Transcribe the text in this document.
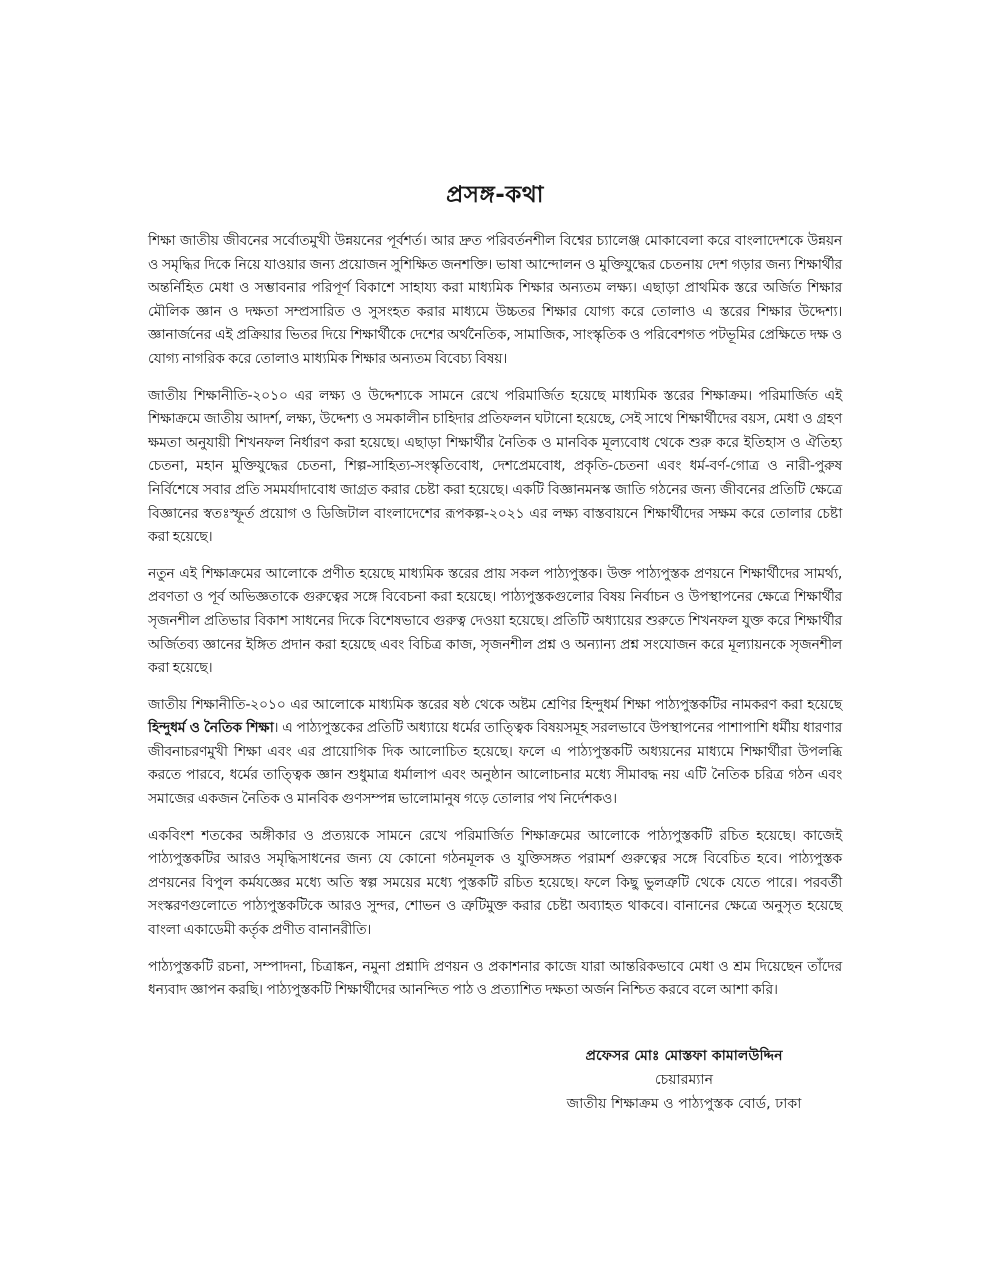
প্রসঙ্গ-কথা

শিক্ষা জাতীয় জীবনের সর্বোতমুখী উন্নয়নের পূর্বশর্ত। আর দ্রুত পরিবর্তনশীল বিশ্বের চ্যালেঞ্জ মোকাবেলা করে বাংলাদেশকে উন্নয়ন ও সমৃদ্ধির দিকে নিয়ে যাওয়ার জন্য প্রয়োজন সুশিক্ষিত জনশক্তি। ভাষা আন্দোলন ও মুক্তিযুদ্ধের চেতনায় দেশ গড়ার জন্য শিক্ষার্থীর অন্তর্নিহিত মেধা ও সম্ভাবনার পরিপূর্ণ বিকাশে সাহায্য করা মাধ্যমিক শিক্ষার অন্যতম লক্ষ্য। এছাড়া প্রাথমিক স্তরে অর্জিত শিক্ষার মৌলিক জ্ঞান ও দক্ষতা সম্প্রসারিত ও সুসংহত করার মাধ্যমে উচ্চতর শিক্ষার যোগ্য করে তোলাও এ স্তরের শিক্ষার উদ্দেশ্য। জ্ঞানার্জনের এই প্রক্রিয়ার ভিতর দিয়ে শিক্ষার্থীকে দেশের অর্থনৈতিক, সামাজিক, সাংস্কৃতিক ও পরিবেশগত পটভূমির প্রেক্ষিতে দক্ষ ও যোগ্য নাগরিক করে তোলাও মাধ্যমিক শিক্ষার অন্যতম বিবেচ্য বিষয়।

জাতীয় শিক্ষানীতি-২০১০ এর লক্ষ্য ও উদ্দেশ্যকে সামনে রেখে পরিমার্জিত হয়েছে মাধ্যমিক স্তরের শিক্ষাক্রম। পরিমার্জিত এই শিক্ষাক্রমে জাতীয় আদর্শ, লক্ষ্য, উদ্দেশ্য ও সমকালীন চাহিদার প্রতিফলন ঘটানো হয়েছে, সেই সাথে শিক্ষার্থীদের বয়স, মেধা ও গ্রহণ ক্ষমতা অনুযায়ী শিখনফল নির্ধারণ করা হয়েছে। এছাড়া শিক্ষার্থীর নৈতিক ও মানবিক মূল্যবোধ থেকে শুরু করে ইতিহাস ও ঐতিহ্য চেতনা, মহান মুক্তিযুদ্ধের চেতনা, শিল্প-সাহিত্য-সংস্কৃতিবোধ, দেশপ্রেমবোধ, প্রকৃতি-চেতনা এবং ধর্ম-বর্ণ-গোত্র ও নারী-পুরুষ নির্বিশেষে সবার প্রতি সমমর্যাদাবোধ জাগ্রত করার চেষ্টা করা হয়েছে। একটি বিজ্ঞানমনস্ক জাতি গঠনের জন্য জীবনের প্রতিটি ক্ষেত্রে বিজ্ঞানের স্বতঃস্ফূর্ত প্রয়োগ ও ডিজিটাল বাংলাদেশের রূপকল্প-২০২১ এর লক্ষ্য বাস্তবায়নে শিক্ষার্থীদের সক্ষম করে তোলার চেষ্টা করা হয়েছে।

নতুন এই শিক্ষাক্রমের আলোকে প্রণীত হয়েছে মাধ্যমিক স্তরের প্রায় সকল পাঠ্যপুস্তক। উক্ত পাঠ্যপুস্তক প্রণয়নে শিক্ষার্থীদের সামর্থ্য, প্রবণতা ও পূর্ব অভিজ্ঞতাকে গুরুত্বের সঙ্গে বিবেচনা করা হয়েছে। পাঠ্যপুস্তকগুলোর বিষয় নির্বাচন ও উপস্থাপনের ক্ষেত্রে শিক্ষার্থীর সৃজনশীল প্রতিভার বিকাশ সাধনের দিকে বিশেষভাবে গুরুত্ব দেওয়া হয়েছে। প্রতিটি অধ্যায়ের শুরুতে শিখনফল যুক্ত করে শিক্ষার্থীর অর্জিতব্য জ্ঞানের ইঙ্গিত প্রদান করা হয়েছে এবং বিচিত্র কাজ, সৃজনশীল প্রশ্ন ও অন্যান্য প্রশ্ন সংযোজন করে মূল্যায়নকে সৃজনশীল করা হয়েছে।

জাতীয় শিক্ষানীতি-২০১০ এর আলোকে মাধ্যমিক স্তরের ষষ্ঠ থেকে অষ্টম শ্রেণির হিন্দুধর্ম শিক্ষা পাঠ্যপুস্তকটির নামকরণ করা হয়েছে হিন্দুধর্ম ও নৈতিক শিক্ষা। এ পাঠ্যপুস্তকের প্রতিটি অধ্যায়ে ধর্মের তাত্ত্বিক বিষয়সমূহ সরলভাবে উপস্থাপনের পাশাপাশি ধর্মীয় ধারণার জীবনাচরণমুখী শিক্ষা এবং এর প্রায়োগিক দিক আলোচিত হয়েছে। ফলে এ পাঠ্যপুস্তকটি অধ্যয়নের মাধ্যমে শিক্ষার্থীরা উপলব্ধি করতে পারবে, ধর্মের তাত্ত্বিক জ্ঞান শুধুমাত্র ধর্মালাপ এবং অনুষ্ঠান আলোচনার মধ্যে সীমাবদ্ধ নয় এটি নৈতিক চরিত্র গঠন এবং সমাজের একজন নৈতিক ও মানবিক গুণসম্পন্ন ভালোমানুষ গড়ে তোলার পথ নির্দেশকও।

একবিংশ শতকের অঙ্গীকার ও প্রত্যয়কে সামনে রেখে পরিমার্জিত শিক্ষাক্রমের আলোকে পাঠ্যপুস্তকটি রচিত হয়েছে। কাজেই পাঠ্যপুস্তকটির আরও সমৃদ্ধিসাধনের জন্য যে কোনো গঠনমূলক ও যুক্তিসঙ্গত পরামর্শ গুরুত্বের সঙ্গে বিবেচিত হবে। পাঠ্যপুস্তক প্রণয়নের বিপুল কর্মযজ্ঞের মধ্যে অতি স্বল্প সময়ের মধ্যে পুস্তকটি রচিত হয়েছে। ফলে কিছু ভুলত্রুটি থেকে যেতে পারে। পরবর্তী সংস্করণগুলোতে পাঠ্যপুস্তকটিকে আরও সুন্দর, শোভন ও ত্রুটিমুক্ত করার চেষ্টা অব্যাহত থাকবে। বানানের ক্ষেত্রে অনুসৃত হয়েছে বাংলা একাডেমী কর্তৃক প্রণীত বানানরীতি।

পাঠ্যপুস্তকটি রচনা, সম্পাদনা, চিত্রাঙ্কন, নমুনা প্রশ্নাদি প্রণয়ন ও প্রকাশনার কাজে যারা আন্তরিকভাবে মেধা ও শ্রম দিয়েছেন তাঁদের ধন্যবাদ জ্ঞাপন করছি। পাঠ্যপুস্তকটি শিক্ষার্থীদের আনন্দিত পাঠ ও প্রত্যাশিত দক্ষতা অর্জন নিশ্চিত করবে বলে আশা করি।

প্রফেসর মোঃ মোস্তফা কামালউদ্দিন
চেয়ারম্যান
জাতীয় শিক্ষাক্রম ও পাঠ্যপুস্তক বোর্ড, ঢাকা
